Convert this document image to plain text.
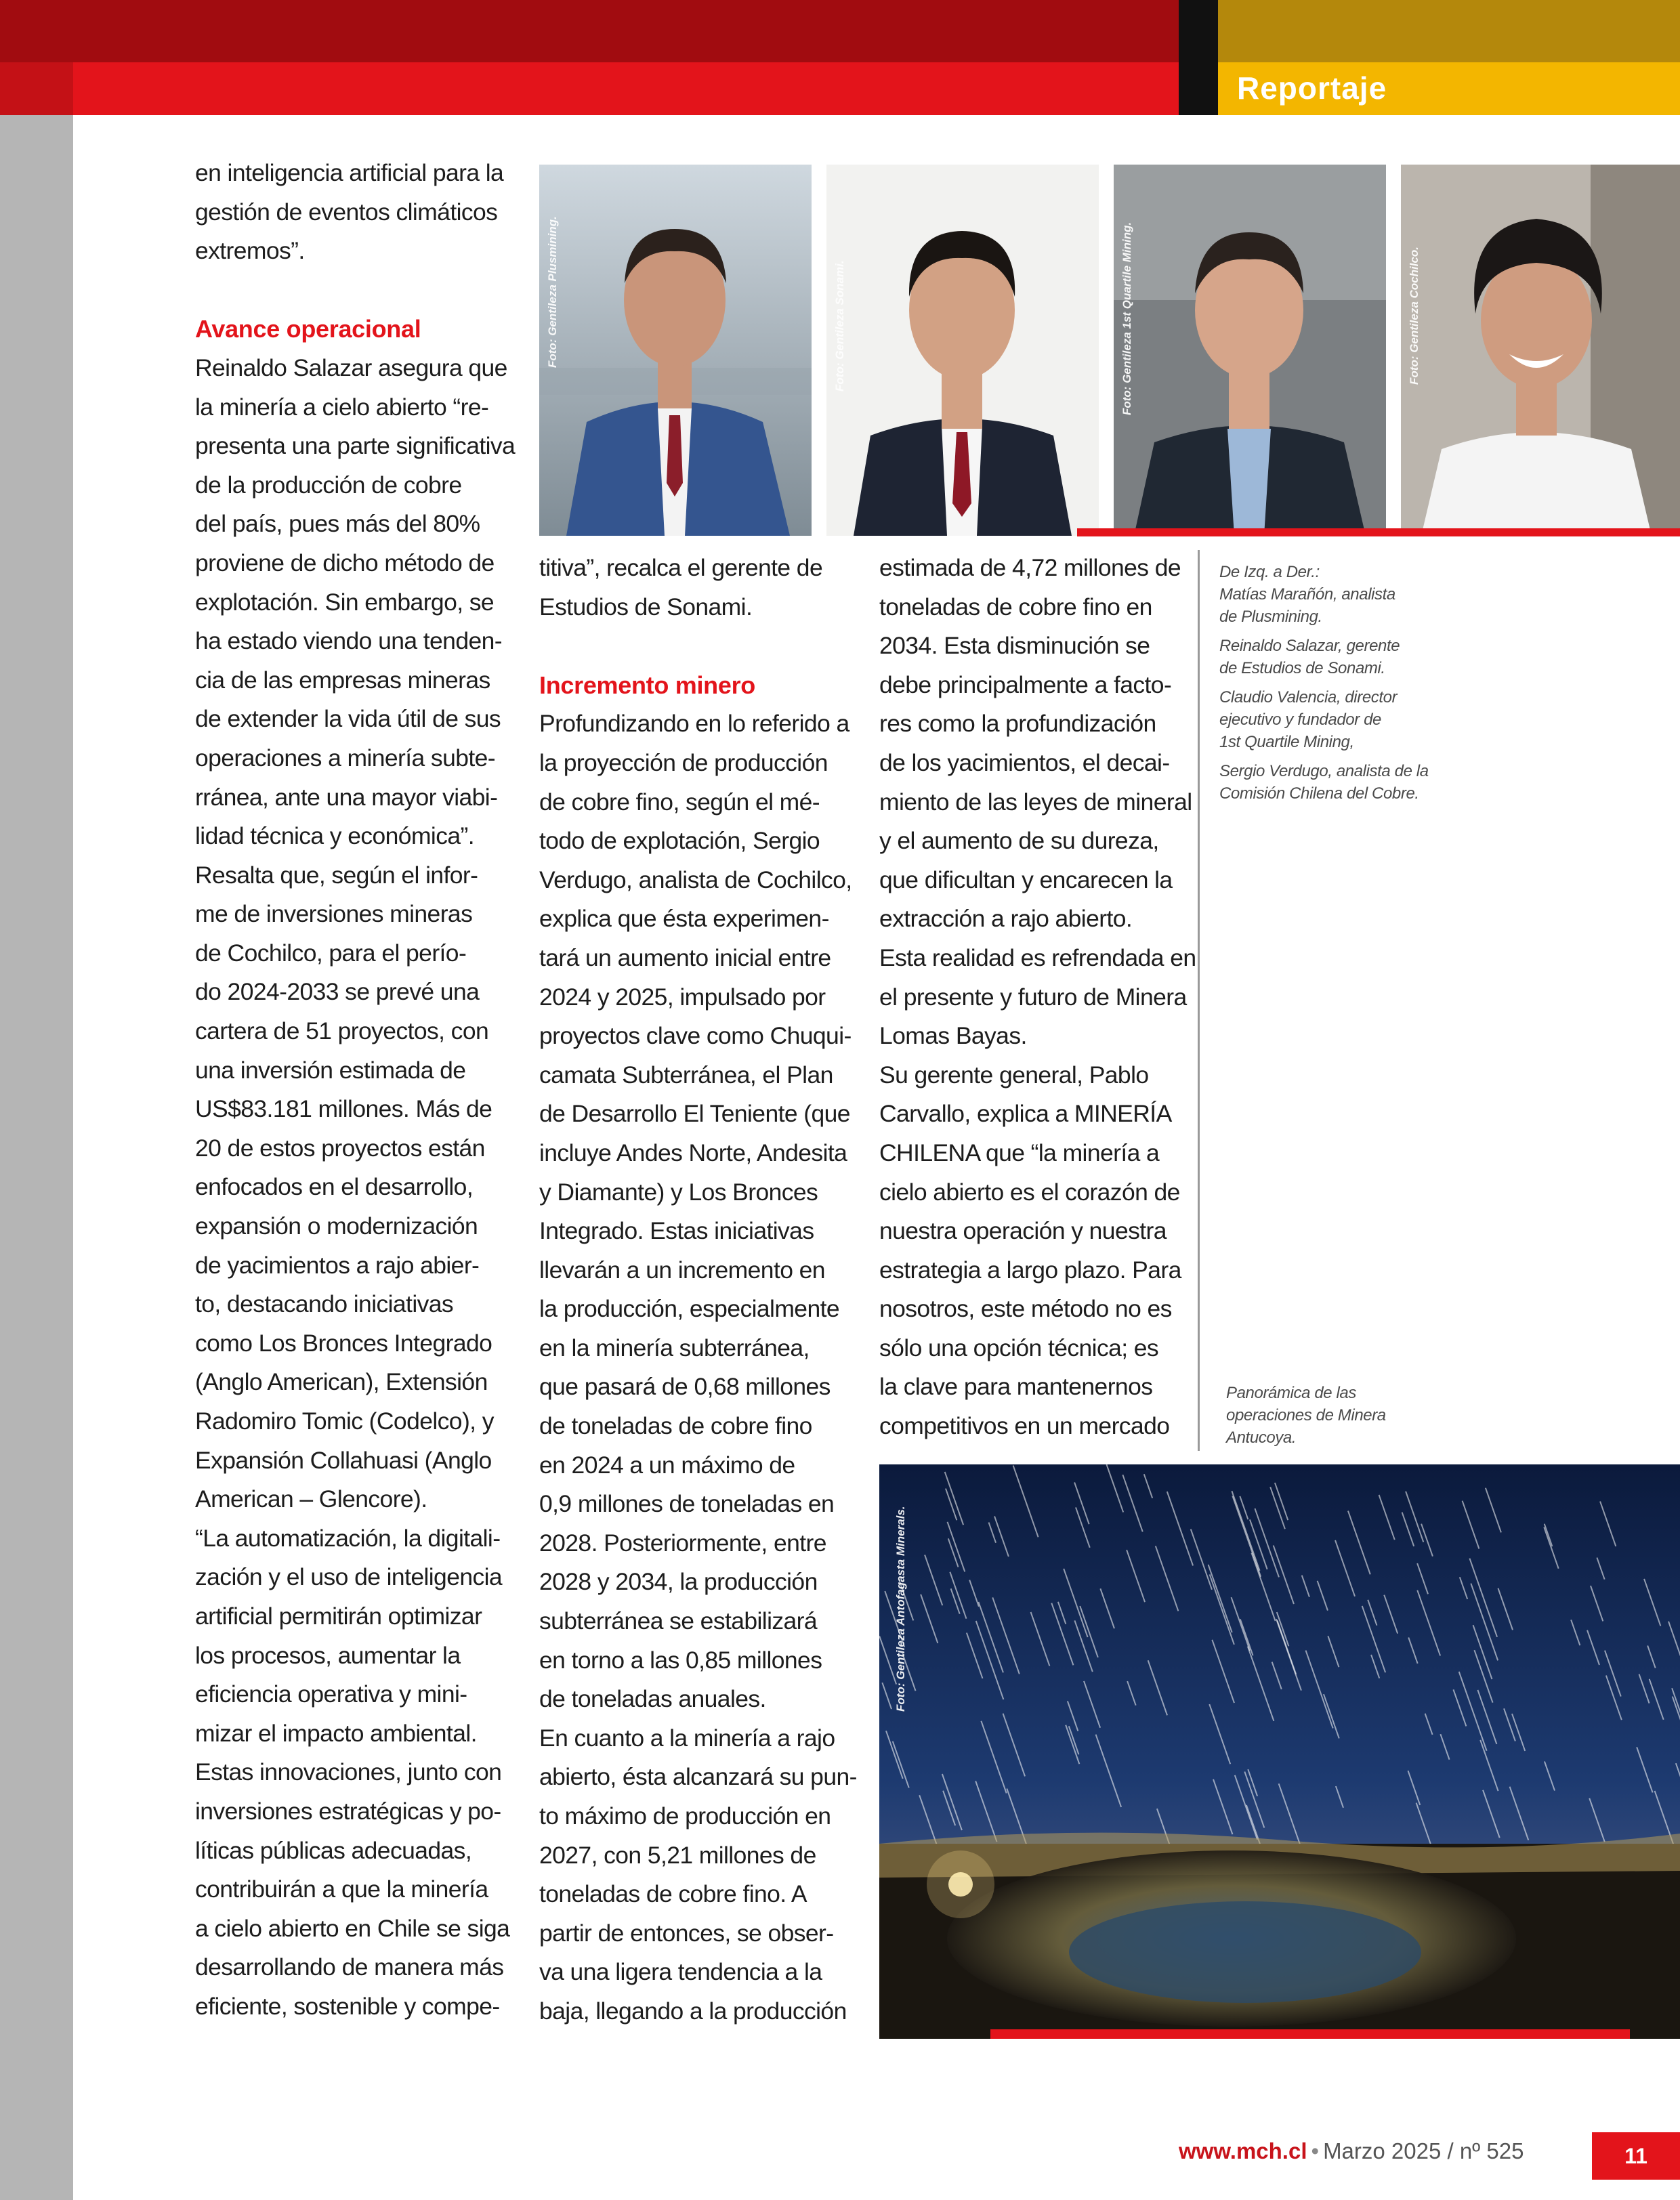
Reportaje

en inteligencia artificial para la

gestión de eventos climáticos

extremos”.

Avance operacional

Reinaldo Salazar asegura que

la minería a cielo abierto “re-

presenta una parte significativa

de la producción de cobre

del país, pues más del 80%

proviene de dicho método de

explotación. Sin embargo, se

ha estado viendo una tenden-

cia de las empresas mineras

de extender la vida útil de sus

operaciones a minería subte-

rránea, ante una mayor viabi-

lidad técnica y económica”.

Resalta que, según el infor-

me de inversiones mineras

de Cochilco, para el perío-

do 2024-2033 se prevé una

cartera de 51 proyectos, con

una inversión estimada de

US$83.181 millones. Más de

20 de estos proyectos están

enfocados en el desarrollo,

expansión o modernización

de yacimientos a rajo abier-

to, destacando iniciativas

como Los Bronces Integrado

(Anglo American), Extensión

Radomiro Tomic (Codelco), y

Expansión Collahuasi (Anglo

American – Glencore).

“La automatización, la digitali-

zación y el uso de inteligencia

artificial permitirán optimizar

los procesos, aumentar la

eficiencia operativa y mini-

mizar el impacto ambiental.

Estas innovaciones, junto con

inversiones estratégicas y po-

líticas públicas adecuadas,

contribuirán a que la minería

a cielo abierto en Chile se siga

desarrollando de manera más

eficiente, sostenible y compe-

titiva”, recalca el gerente de

Estudios de Sonami.

Incremento minero

Profundizando en lo referido a

la proyección de producción

de cobre fino, según el mé-

todo de explotación, Sergio

Verdugo, analista de Cochilco,

explica que ésta experimen-

tará un aumento inicial entre

2024 y 2025, impulsado por

proyectos clave como Chuqui-

camata Subterránea, el Plan

de Desarrollo El Teniente (que

incluye Andes Norte, Andesita

y Diamante) y Los Bronces

Integrado. Estas iniciativas

llevarán a un incremento en

la producción, especialmente

en la minería subterránea,

que pasará de 0,68 millones

de toneladas de cobre fino

en 2024 a un máximo de

0,9 millones de toneladas en

2028. Posteriormente, entre

2028 y 2034, la producción

subterránea se estabilizará

en torno a las 0,85 millones

de toneladas anuales.

En cuanto a la minería a rajo

abierto, ésta alcanzará su pun-

to máximo de producción en

2027, con 5,21 millones de

toneladas de cobre fino. A

partir de entonces, se obser-

va una ligera tendencia a la

baja, llegando a la producción

estimada de 4,72 millones de

toneladas de cobre fino en

2034. Esta disminución se

debe principalmente a facto-

res como la profundización

de los yacimientos, el decai-

miento de las leyes de mineral

y el aumento de su dureza,

que dificultan y encarecen la

extracción a rajo abierto.

Esta realidad es refrendada en

el presente y futuro de Minera

Lomas Bayas.

Su gerente general, Pablo

Carvallo, explica a MINERÍA

CHILENA que “la minería a

cielo abierto es el corazón de

nuestra operación y nuestra

estrategia a largo plazo. Para

nosotros, este método no es

sólo una opción técnica; es

la clave para mantenernos

competitivos en un mercado

Foto: Gentileza Plusmining.	Foto: Gentileza Sonami.	Foto: Gentileza 1st Quartile Mining.	Foto: Gentileza Cochilco.

De Izq. a Der.:
Matías Marañón, analista
de Plusmining.

Reinaldo Salazar, gerente
de Estudios de Sonami.

Claudio Valencia, director
ejecutivo y fundador de
1st Quartile Mining,

Sergio Verdugo, analista de la
Comisión Chilena del Cobre.

Panorámica de las

operaciones de Minera

Antucoya.

Foto: Gentileza Antofagasta Minerals.
www.mch.cl • Marzo 2025 / nº 525	11
